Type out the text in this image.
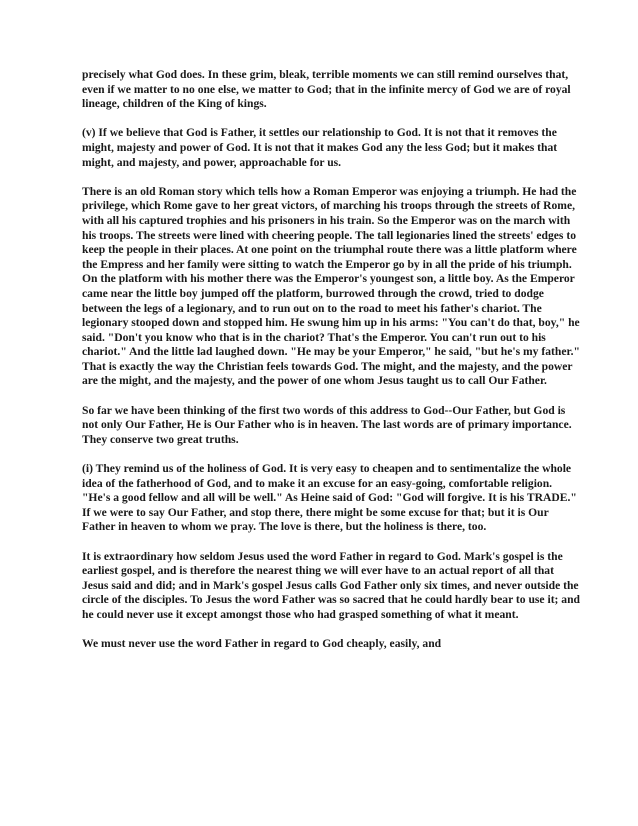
precisely what God does. In these grim, bleak, terrible moments we can still remind ourselves that, even if we matter to no one else, we matter to God; that in the infinite mercy of God we are of royal lineage, children of the King of kings.

(v) If we believe that God is Father, it settles our relationship to God. It is not that it removes the might, majesty and power of God. It is not that it makes God any the less God; but it makes that might, and majesty, and power, approachable for us.

There is an old Roman story which tells how a Roman Emperor was enjoying a triumph. He had the privilege, which Rome gave to her great victors, of marching his troops through the streets of Rome, with all his captured trophies and his prisoners in his train. So the Emperor was on the march with his troops. The streets were lined with cheering people. The tall legionaries lined the streets' edges to keep the people in their places. At one point on the triumphal route there was a little platform where the Empress and her family were sitting to watch the Emperor go by in all the pride of his triumph. On the platform with his mother there was the Emperor's youngest son, a little boy. As the Emperor came near the little boy jumped off the platform, burrowed through the crowd, tried to dodge between the legs of a legionary, and to run out on to the road to meet his father's chariot. The legionary stooped down and stopped him. He swung him up in his arms: "You can't do that, boy," he said. "Don't you know who that is in the chariot? That's the Emperor. You can't run out to his chariot." And the little lad laughed down. "He may be your Emperor," he said, "but he's my father." That is exactly the way the Christian feels towards God. The might, and the majesty, and the power are the might, and the majesty, and the power of one whom Jesus taught us to call Our Father.

So far we have been thinking of the first two words of this address to God--Our Father, but God is not only Our Father, He is Our Father who is in heaven. The last words are of primary importance. They conserve two great truths.

(i) They remind us of the holiness of God. It is very easy to cheapen and to sentimentalize the whole idea of the fatherhood of God, and to make it an excuse for an easy-going, comfortable religion. "He's a good fellow and all will be well." As Heine said of God: "God will forgive. It is his TRADE." If we were to say Our Father, and stop there, there might be some excuse for that; but it is Our Father in heaven to whom we pray. The love is there, but the holiness is there, too.

It is extraordinary how seldom Jesus used the word Father in regard to God. Mark's gospel is the earliest gospel, and is therefore the nearest thing we will ever have to an actual report of all that Jesus said and did; and in Mark's gospel Jesus calls God Father only six times, and never outside the circle of the disciples. To Jesus the word Father was so sacred that he could hardly bear to use it; and he could never use it except amongst those who had grasped something of what it meant.

We must never use the word Father in regard to God cheaply, easily, and
